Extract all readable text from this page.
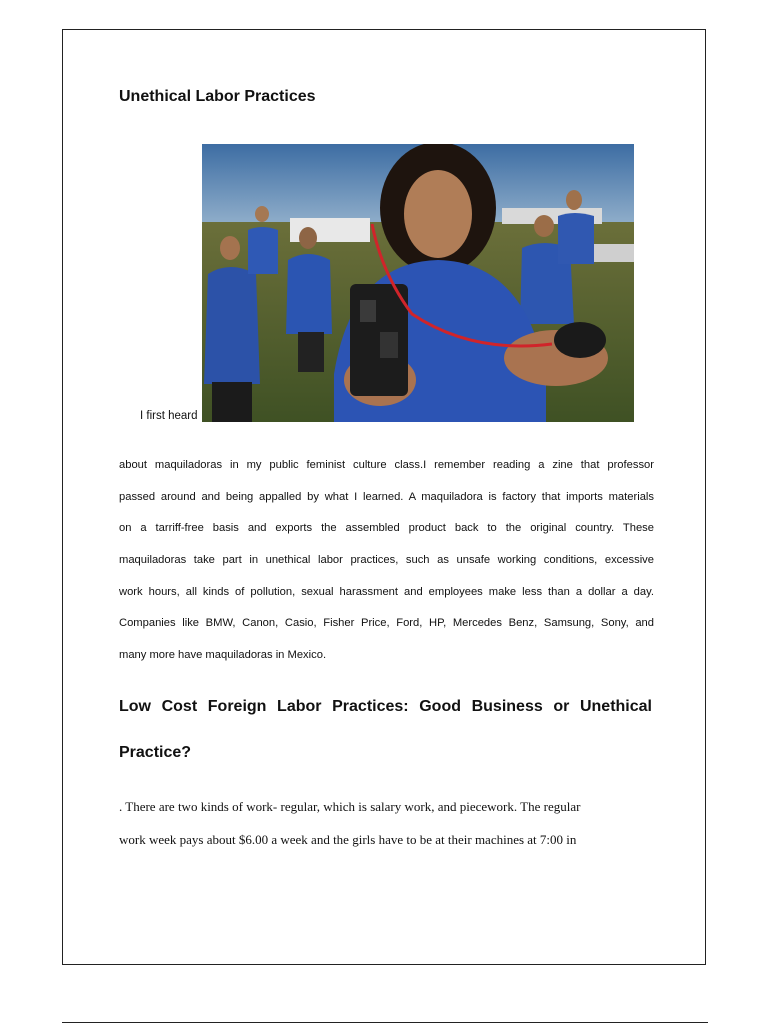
Unethical Labor Practices
I first heard

about maquiladoras in my public feminist culture class.I remember reading a zine that professor
passed around and being appalled by what I learned. A maquiladora is factory that imports materials
on a tarriff-free basis and exports the assembled product back to the original country. These
maquiladoras take part in unethical labor practices, such as unsafe working conditions, excessive
work hours, all kinds of pollution, sexual harassment and employees make less than a dollar a day.
Companies like BMW, Canon, Casio, Fisher Price, Ford, HP, Mercedes Benz, Samsung, Sony, and
many more have maquiladoras in Mexico.

Low Cost Foreign Labor Practices: Good Business or Unethical
Practice?

. There are two kinds of work- regular, which is salary work, and piecework. The regular
work week pays about $6.00 a week and the girls have to be at their machines at 7:00 in
